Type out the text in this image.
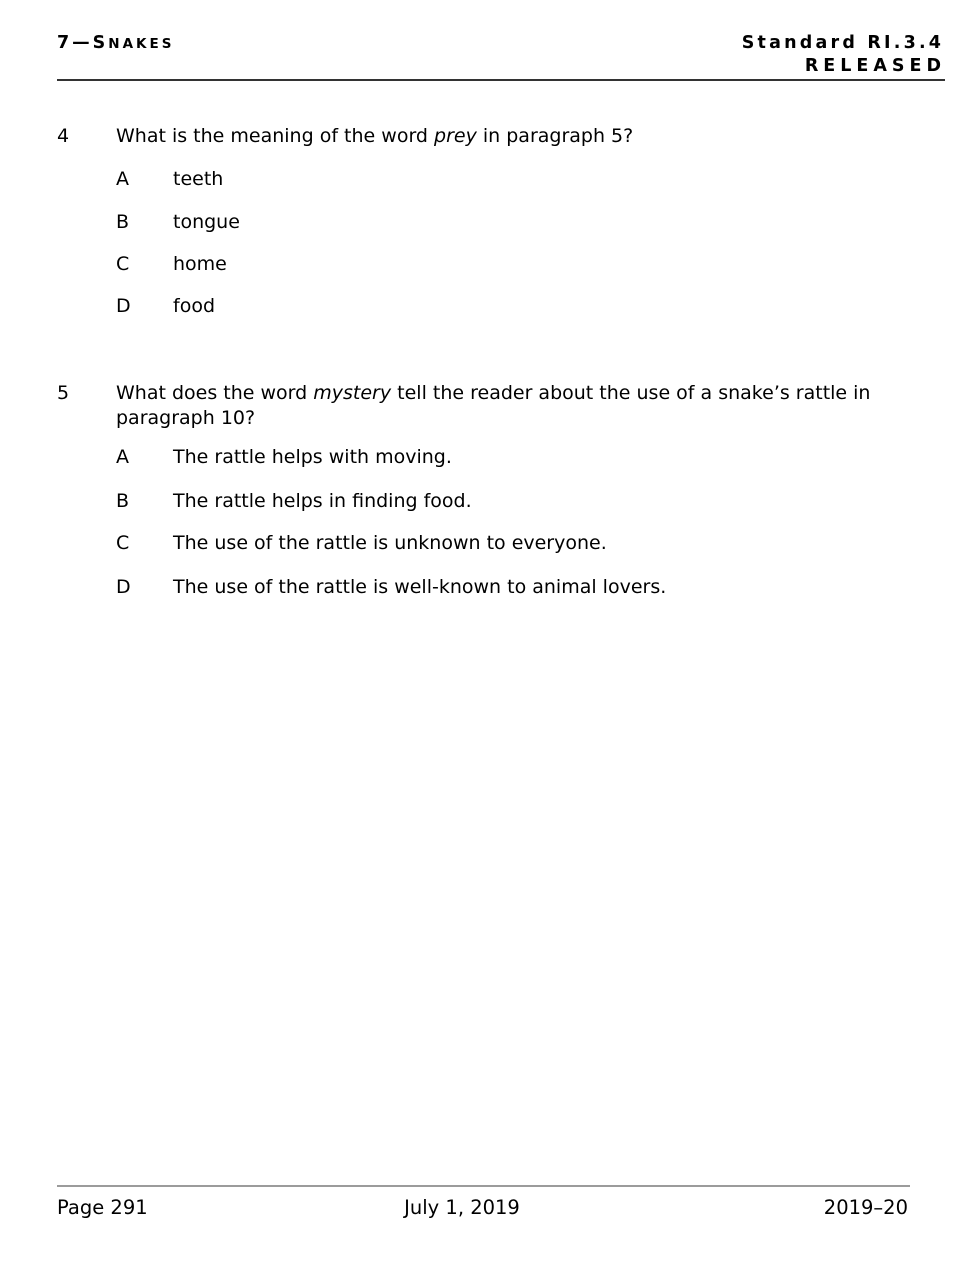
7—SNAKES	Standard RI.3.4
RELEASED
4	What is the meaning of the word prey in paragraph 5?
A	teeth
B	tongue
C	home
D	food
5	What does the word mystery tell the reader about the use of a snake’s rattle in
paragraph 10?
A	The rattle helps with moving.
B	The rattle helps in finding food.
C	The use of the rattle is unknown to everyone.
D	The use of the rattle is well-known to animal lovers.
Page 291	July 1, 2019	2019–20
